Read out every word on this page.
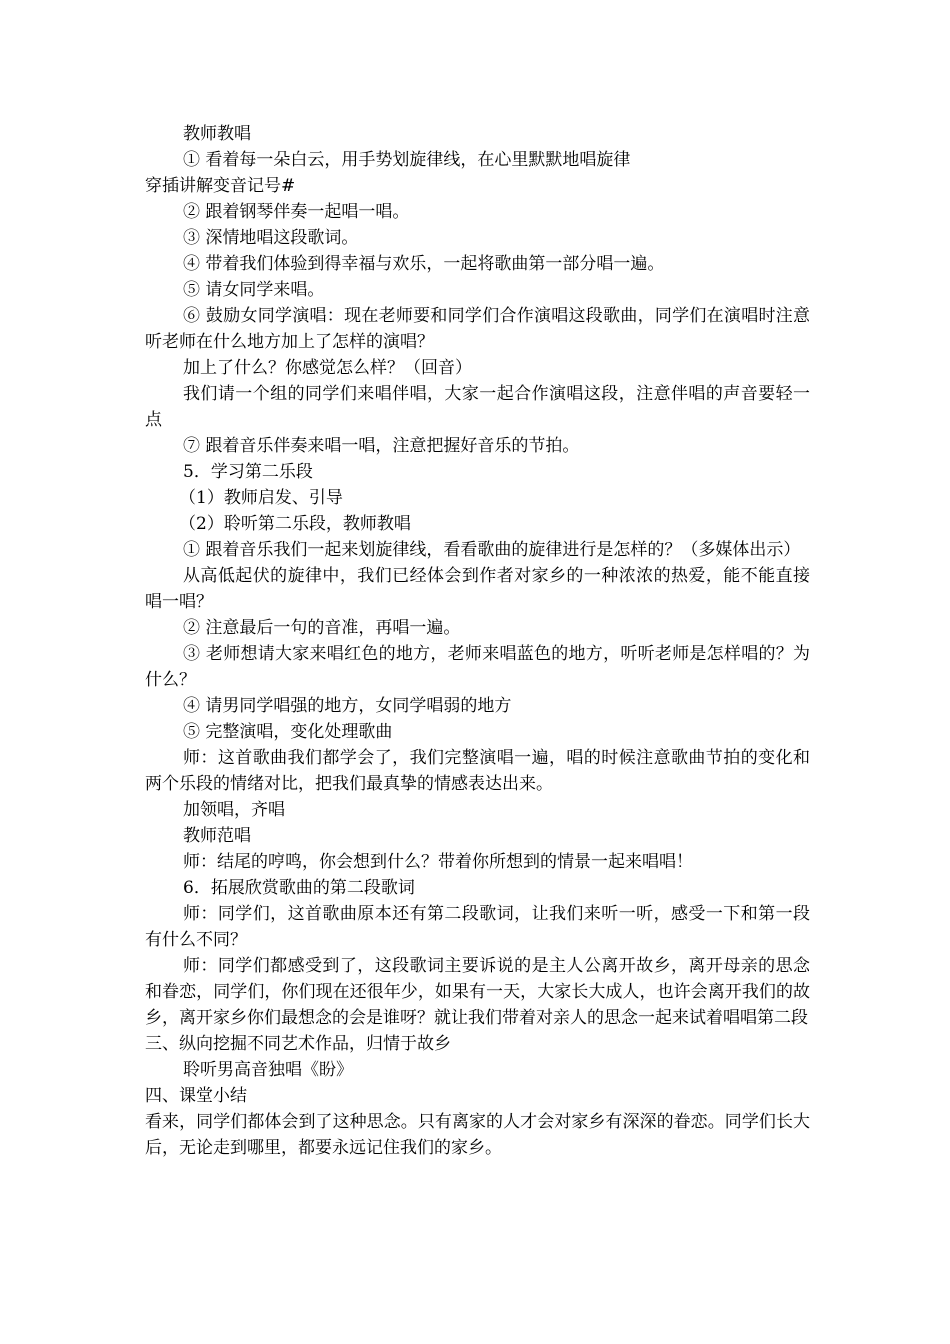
教师教唱

① 看着每一朵白云，用手势划旋律线，在心里默默地唱旋律

穿插讲解变音记号#

② 跟着钢琴伴奏一起唱一唱。

③ 深情地唱这段歌词。

④ 带着我们体验到得幸福与欢乐，一起将歌曲第一部分唱一遍。

⑤ 请女同学来唱。

⑥ 鼓励女同学演唱：现在老师要和同学们合作演唱这段歌曲，同学们在演唱时注意听老师在什么地方加上了怎样的演唱？

加上了什么？你感觉怎么样？（回音）

我们请一个组的同学们来唱伴唱，大家一起合作演唱这段，注意伴唱的声音要轻一点

⑦ 跟着音乐伴奏来唱一唱，注意把握好音乐的节拍。

5．学习第二乐段

（1）教师启发、引导

（2）聆听第二乐段，教师教唱

① 跟着音乐我们一起来划旋律线，看看歌曲的旋律进行是怎样的？（多媒体出示）

从高低起伏的旋律中，我们已经体会到作者对家乡的一种浓浓的热爱，能不能直接唱一唱？

② 注意最后一句的音准，再唱一遍。

③ 老师想请大家来唱红色的地方，老师来唱蓝色的地方，听听老师是怎样唱的？为什么？

④ 请男同学唱强的地方，女同学唱弱的地方

⑤ 完整演唱，变化处理歌曲

师：这首歌曲我们都学会了，我们完整演唱一遍，唱的时候注意歌曲节拍的变化和两个乐段的情绪对比，把我们最真挚的情感表达出来。

加领唱，齐唱

教师范唱

师：结尾的哼鸣，你会想到什么？带着你所想到的情景一起来唱唱！

6．拓展欣赏歌曲的第二段歌词

师：同学们，这首歌曲原本还有第二段歌词，让我们来听一听，感受一下和第一段有什么不同？

师：同学们都感受到了，这段歌词主要诉说的是主人公离开故乡，离开母亲的思念和眷恋，同学们，你们现在还很年少，如果有一天，大家长大成人，也许会离开我们的故乡，离开家乡你们最想念的会是谁呀？就让我们带着对亲人的思念一起来试着唱唱第二段

三、纵向挖掘不同艺术作品，归情于故乡

聆听男高音独唱《盼》

四、课堂小结

看来，同学们都体会到了这种思念。只有离家的人才会对家乡有深深的眷恋。同学们长大后，无论走到哪里，都要永远记住我们的家乡。
